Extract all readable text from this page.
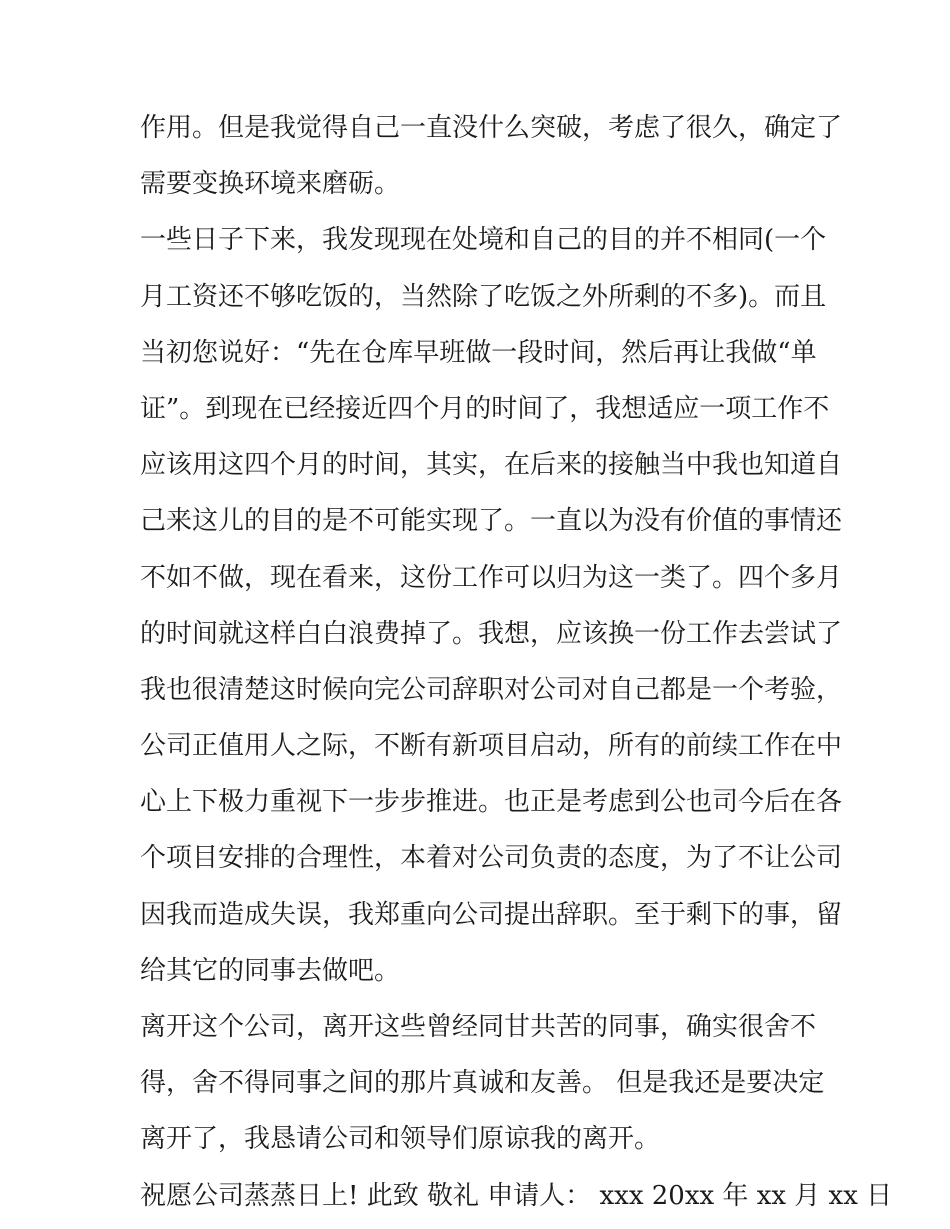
作用。但是我觉得自己一直没什么突破，考虑了很久，确定了
需要变换环境来磨砺。
一些日子下来，我发现现在处境和自己的目的并不相同(一个
月工资还不够吃饭的，当然除了吃饭之外所剩的不多)。而且
当初您说好：“先在仓库早班做一段时间，然后再让我做“单
证”。到现在已经接近四个月的时间了，我想适应一项工作不
应该用这四个月的时间，其实，在后来的接触当中我也知道自
己来这儿的目的是不可能实现了。一直以为没有价值的事情还
不如不做，现在看来，这份工作可以归为这一类了。四个多月
的时间就这样白白浪费掉了。我想，应该换一份工作去尝试了
我也很清楚这时候向完公司辞职对公司对自己都是一个考验，
公司正值用人之际，不断有新项目启动，所有的前续工作在中
心上下极力重视下一步步推进。也正是考虑到公也司今后在各
个项目安排的合理性，本着对公司负责的态度，为了不让公司
因我而造成失误，我郑重向公司提出辞职。至于剩下的事，留
给其它的同事去做吧。
离开这个公司，离开这些曾经同甘共苦的同事，确实很舍不
得，舍不得同事之间的那片真诚和友善。 但是我还是要决定
离开了，我恳请公司和领导们原谅我的离开。
祝愿公司蒸蒸日上! 此致 敬礼 申请人： xxx 20xx 年 xx 月 xx 日
